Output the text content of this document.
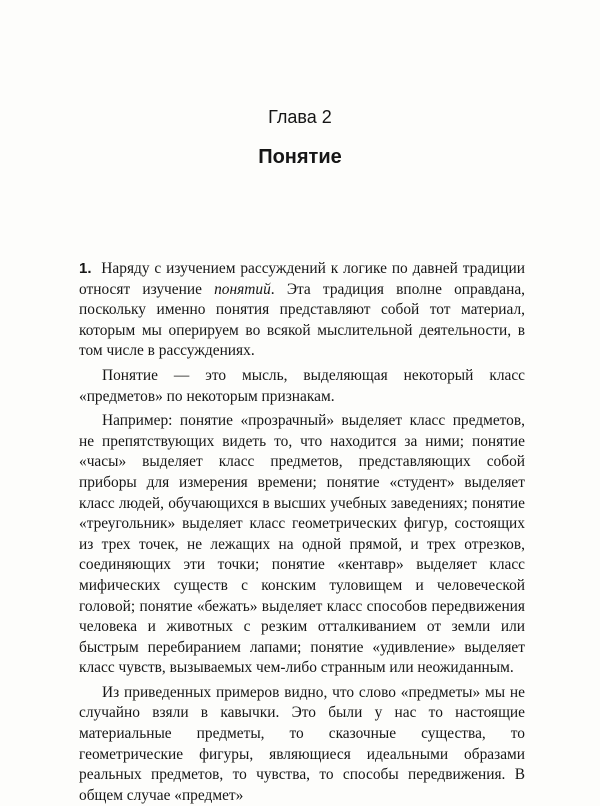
Глава 2
Понятие

1. Наряду с изучением рассуждений к логике по давней традиции относят изучение понятий. Эта традиция вполне оправдана, поскольку именно понятия представляют собой тот материал, которым мы оперируем во всякой мыслительной деятельности, в том числе в рассуждениях.

Понятие — это мысль, выделяющая некоторый класс «предметов» по некоторым признакам.

Например: понятие «прозрачный» выделяет класс предметов, не препятствующих видеть то, что находится за ними; понятие «часы» выделяет класс предметов, представляющих собой приборы для измерения времени; понятие «студент» выделяет класс людей, обучающихся в высших учебных заведениях; понятие «треугольник» выделяет класс геометрических фигур, состоящих из трех точек, не лежащих на одной прямой, и трех отрезков, соединяющих эти точки; понятие «кентавр» выделяет класс мифических существ с конским туловищем и человеческой головой; понятие «бежать» выделяет класс способов передвижения человека и животных с резким отталкиванием от земли или быстрым перебиранием лапами; понятие «удивление» выделяет класс чувств, вызываемых чем-либо странным или неожиданным.

Из приведенных примеров видно, что слово «предметы» мы не случайно взяли в кавычки. Это были у нас то настоящие материальные предметы, то сказочные существа, то геометрические фигуры, являющиеся идеальными образами реальных предметов, то чувства, то способы передвижения. В общем случае «предмет»
